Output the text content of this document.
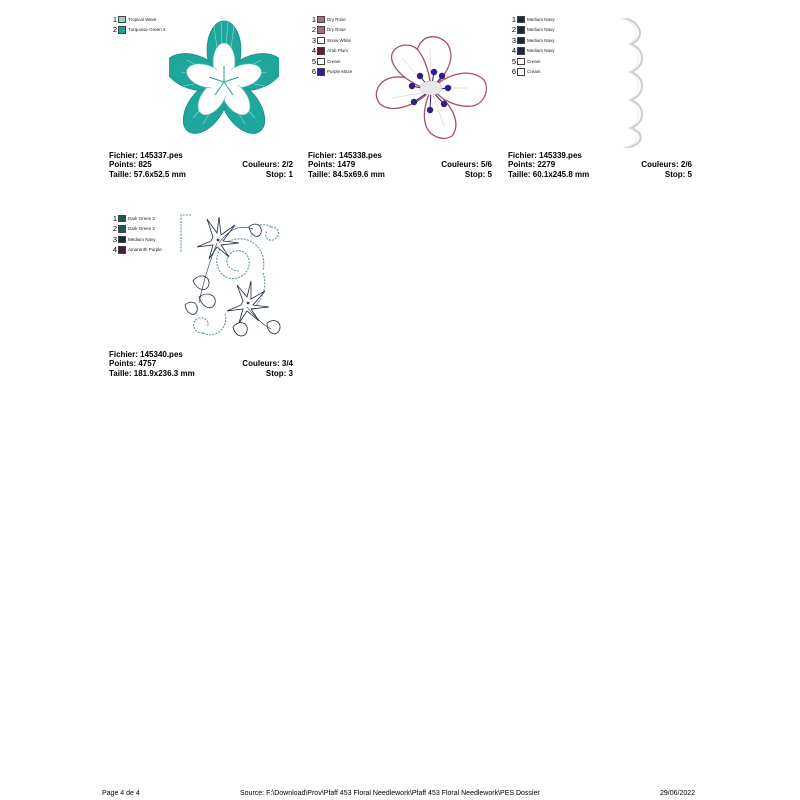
1 Tropical Wave
2 Turquoise Green 3
Fichier: 145337.pes
Points: 825	Couleurs: 2/2
Taille: 57.6x52.5 mm	Stop: 1
1 Dry Rose
2 Dry Rose
3 Snow White
4 Arab Plum
5 Cream
6 Purple Maze
Fichier: 145338.pes
Points: 1479	Couleurs: 5/6
Taille: 84.5x69.6 mm	Stop: 5
1 Medium Navy
2 Medium Navy
3 Medium Navy
4 Medium Navy
5 Cream
6 Cream
Fichier: 145339.pes
Points: 2279	Couleurs: 2/6
Taille: 60.1x245.8 mm	Stop: 5
1 Dark Green 2
2 Dark Green 2
3 Medium Navy
4 Amaranth Purple
Fichier: 145340.pes
Points: 4757	Couleurs: 3/4
Taille: 181.9x236.3 mm	Stop: 3
Page 4 de 4	Source: F:\Download\Prov\Pfaff 453 Floral Needlework\Pfaff 453 Floral Needlework\PES Dossier	29/06/2022
